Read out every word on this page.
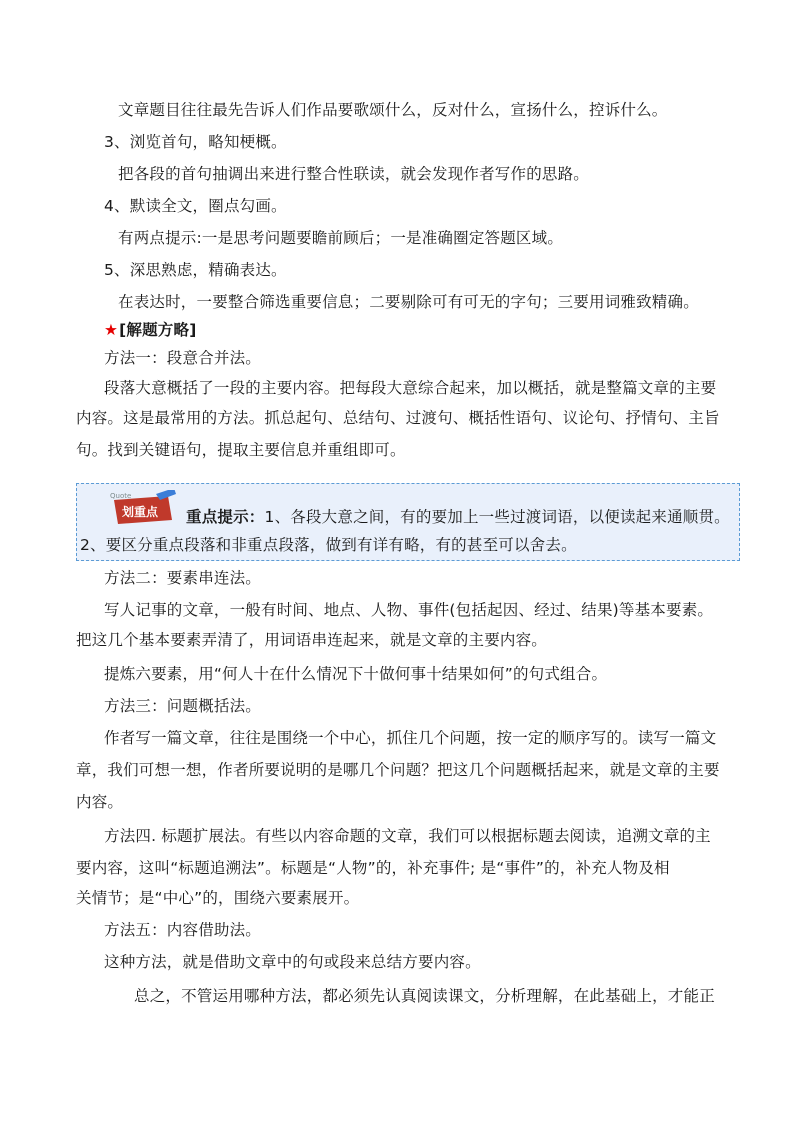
文章题目往往最先告诉人们作品要歌颂什么，反对什么，宣扬什么，控诉什么。
3、浏览首句，略知梗概。
把各段的首句抽调出来进行整合性联读，就会发现作者写作的思路。
4、默读全文，圈点勾画。
有两点提示:一是思考问题要瞻前顾后；一是准确圈定答题区域。
5、深思熟虑，精确表达。
在表达时，一要整合筛选重要信息；二要剔除可有可无的字句；三要用词雅致精确。
★[解题方略]
方法一：段意合并法。
段落大意概括了一段的主要内容。把每段大意综合起来，加以概括，就是整篇文章的主要
内容。这是最常用的方法。抓总起句、总结句、过渡句、概括性语句、议论句、抒情句、主旨
句。找到关键语句，提取主要信息并重组即可。
Quote
划重点 重点提示：1、各段大意之间，有的要加上一些过渡词语，以便读起来通顺贯。
2、要区分重点段落和非重点段落，做到有详有略，有的甚至可以舍去。
方法二：要素串连法。
写人记事的文章，一般有时间、地点、人物、事件(包括起因、经过、结果)等基本要素。
把这几个基本要素弄清了，用词语串连起来，就是文章的主要内容。
提炼六要素，用“何人十在什么情况下十做何事十结果如何”的句式组合。
方法三：问题概括法。
作者写一篇文章，往往是围绕一个中心，抓住几个问题，按一定的顺序写的。读写一篇文
章，我们可想一想，作者所要说明的是哪几个问题？把这几个问题概括起来，就是文章的主要
内容。
方法四. 标题扩展法。有些以内容命题的文章，我们可以根据标题去阅读，追溯文章的主
要内容，这叫“标题追溯法”。标题是“人物”的，补充事件; 是“事件”的，补充人物及相
关情节；是“中心”的，围绕六要素展开。
方法五：内容借助法。
这种方法，就是借助文章中的句或段来总结方要内容。
总之，不管运用哪种方法，都必须先认真阅读课文，分析理解，在此基础上，才能正
